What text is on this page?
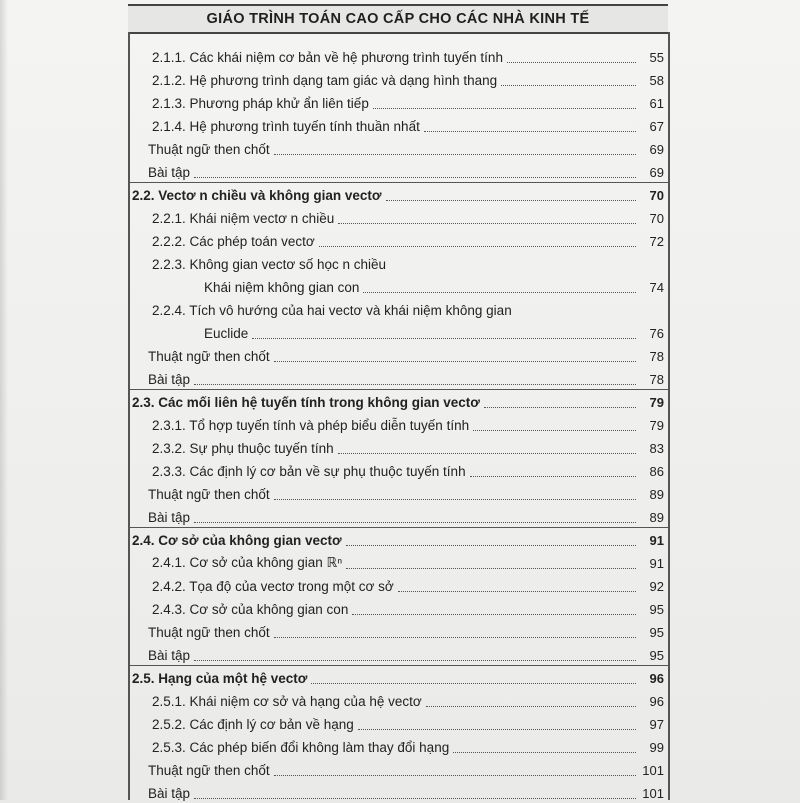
GIÁO TRÌNH TOÁN CAO CẤP CHO CÁC NHÀ KINH TẾ
2.1.1. Các khái niệm cơ bản về hệ phương trình tuyến tính	55
2.1.2. Hệ phương trình dạng tam giác và dạng hình thang	58
2.1.3. Phương pháp khử ẩn liên tiếp	61
2.1.4. Hệ phương trình tuyến tính thuần nhất	67
Thuật ngữ then chốt	69
Bài tập	69
2.2. Vectơ n chiều và không gian vectơ	70
2.2.1. Khái niệm vectơ n chiều	70
2.2.2. Các phép toán vectơ	72
2.2.3. Không gian vectơ số học n chiều
Khái niệm không gian con	74
2.2.4. Tích vô hướng của hai vectơ và khái niệm không gian
Euclide	76
Thuật ngữ then chốt	78
Bài tập	78
2.3. Các mối liên hệ tuyến tính trong không gian vectơ	79
2.3.1. Tổ hợp tuyến tính và phép biểu diễn tuyến tính	79
2.3.2. Sự phụ thuộc tuyến tính	83
2.3.3. Các định lý cơ bản về sự phụ thuộc tuyến tính	86
Thuật ngữ then chốt	89
Bài tập	89
2.4. Cơ sở của không gian vectơ	91
2.4.1. Cơ sở của không gian ℝⁿ	91
2.4.2. Tọa độ của vectơ trong một cơ sở	92
2.4.3. Cơ sở của không gian con	95
Thuật ngữ then chốt	95
Bài tập	95
2.5. Hạng của một hệ vectơ	96
2.5.1. Khái niệm cơ sở và hạng của hệ vectơ	96
2.5.2. Các định lý cơ bản về hạng	97
2.5.3. Các phép biến đổi không làm thay đổi hạng	99
Thuật ngữ then chốt	101
Bài tập	101
